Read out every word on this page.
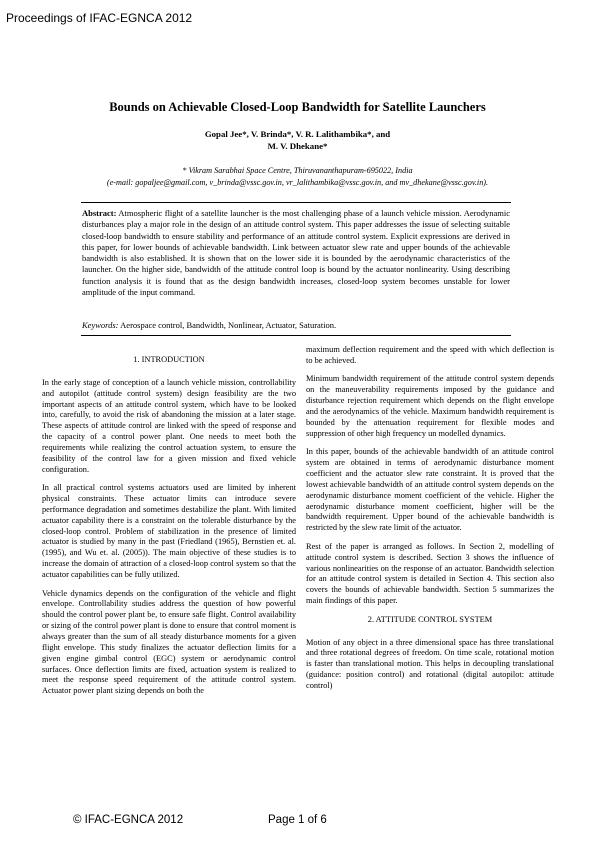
Proceedings of IFAC-EGNCA 2012
Bounds on Achievable Closed-Loop Bandwidth for Satellite Launchers
Gopal Jee*, V. Brinda*, V. R. Lalithambika*, and
M. V. Dhekane*
* Vikram Sarabhai Space Centre, Thiruvananthapuram-695022, India
(e-mail: gopaljee@gmail.com, v_brinda@vssc.gov.in, vr_lalithambika@vssc.gov.in, and mv_dhekane@vssc.gov.in).
Abstract: Atmospheric flight of a satellite launcher is the most challenging phase of a launch vehicle mission. Aerodynamic disturbances play a major role in the design of an attitude control system. This paper addresses the issue of selecting suitable closed-loop bandwidth to ensure stability and performance of an attitude control system. Explicit expressions are derived in this paper, for lower bounds of achievable bandwidth. Link between actuator slew rate and upper bounds of the achievable bandwidth is also established. It is shown that on the lower side it is bounded by the aerodynamic characteristics of the launcher. On the higher side, bandwidth of the attitude control loop is bound by the actuator nonlinearity. Using describing function analysis it is found that as the design bandwidth increases, closed-loop system becomes unstable for lower amplitude of the input command.
Keywords: Aerospace control, Bandwidth, Nonlinear, Actuator, Saturation.

1. INTRODUCTION

In the early stage of conception of a launch vehicle mission, controllability and autopilot (attitude control system) design feasibility are the two important aspects of an attitude control system, which have to be looked into, carefully, to avoid the risk of abandoning the mission at a later stage. These aspects of attitude control are linked with the speed of response and the capacity of a control power plant. One needs to meet both the requirements while realizing the control actuation system, to ensure the feasibility of the control law for a given mission and fixed vehicle configuration.

In all practical control systems actuators used are limited by inherent physical constraints. These actuator limits can introduce severe performance degradation and sometimes destabilize the plant. With limited actuator capability there is a constraint on the tolerable disturbance by the closed-loop control. Problem of stabilization in the presence of limited actuator is studied by many in the past (Friedland (1965), Bernstien et. al. (1995), and Wu et. al. (2005)). The main objective of these studies is to increase the domain of attraction of a closed-loop control system so that the actuator capabilities can be fully utilized.

Vehicle dynamics depends on the configuration of the vehicle and flight envelope. Controllability studies address the question of how powerful should the control power plant be, to ensure safe flight. Control availability or sizing of the control power plant is done to ensure that control moment is always greater than the sum of all steady disturbance moments for a given flight envelope. This study finalizes the actuator deflection limits for a given engine gimbal control (EGC) system or aerodynamic control surfaces. Once deflection limits are fixed, actuation system is realized to meet the response speed requirement of the attitude control system. Actuator power plant sizing depends on both the

maximum deflection requirement and the speed with which deflection is to be achieved.

Minimum bandwidth requirement of the attitude control system depends on the maneuverability requirements imposed by the guidance and disturbance rejection requirement which depends on the flight envelope and the aerodynamics of the vehicle. Maximum bandwidth requirement is bounded by the attenuation requirement for flexible modes and suppression of other high frequency un modelled dynamics.

In this paper, bounds of the achievable bandwidth of an attitude control system are obtained in terms of aerodynamic disturbance moment coefficient and the actuator slew rate constraint. It is proved that the lowest achievable bandwidth of an attitude control system depends on the aerodynamic disturbance moment coefficient of the vehicle. Higher the aerodynamic disturbance moment coefficient, higher will be the bandwidth requirement. Upper bound of the achievable bandwidth is restricted by the slew rate limit of the actuator.

Rest of the paper is arranged as follows. In Section 2, modelling of attitude control system is described. Section 3 shows the influence of various nonlinearities on the response of an actuator. Bandwidth selection for an attitude control system is detailed in Section 4. This section also covers the bounds of achievable bandwidth. Section 5 summarizes the main findings of this paper.

2. ATTITUDE CONTROL SYSTEM

Motion of any object in a three dimensional space has three translational and three rotational degrees of freedom. On time scale, rotational motion is faster than translational motion. This helps in decoupling translational (guidance: position control) and rotational (digital autopilot: attitude control)

© IFAC-EGNCA 2012	Page 1 of 6
